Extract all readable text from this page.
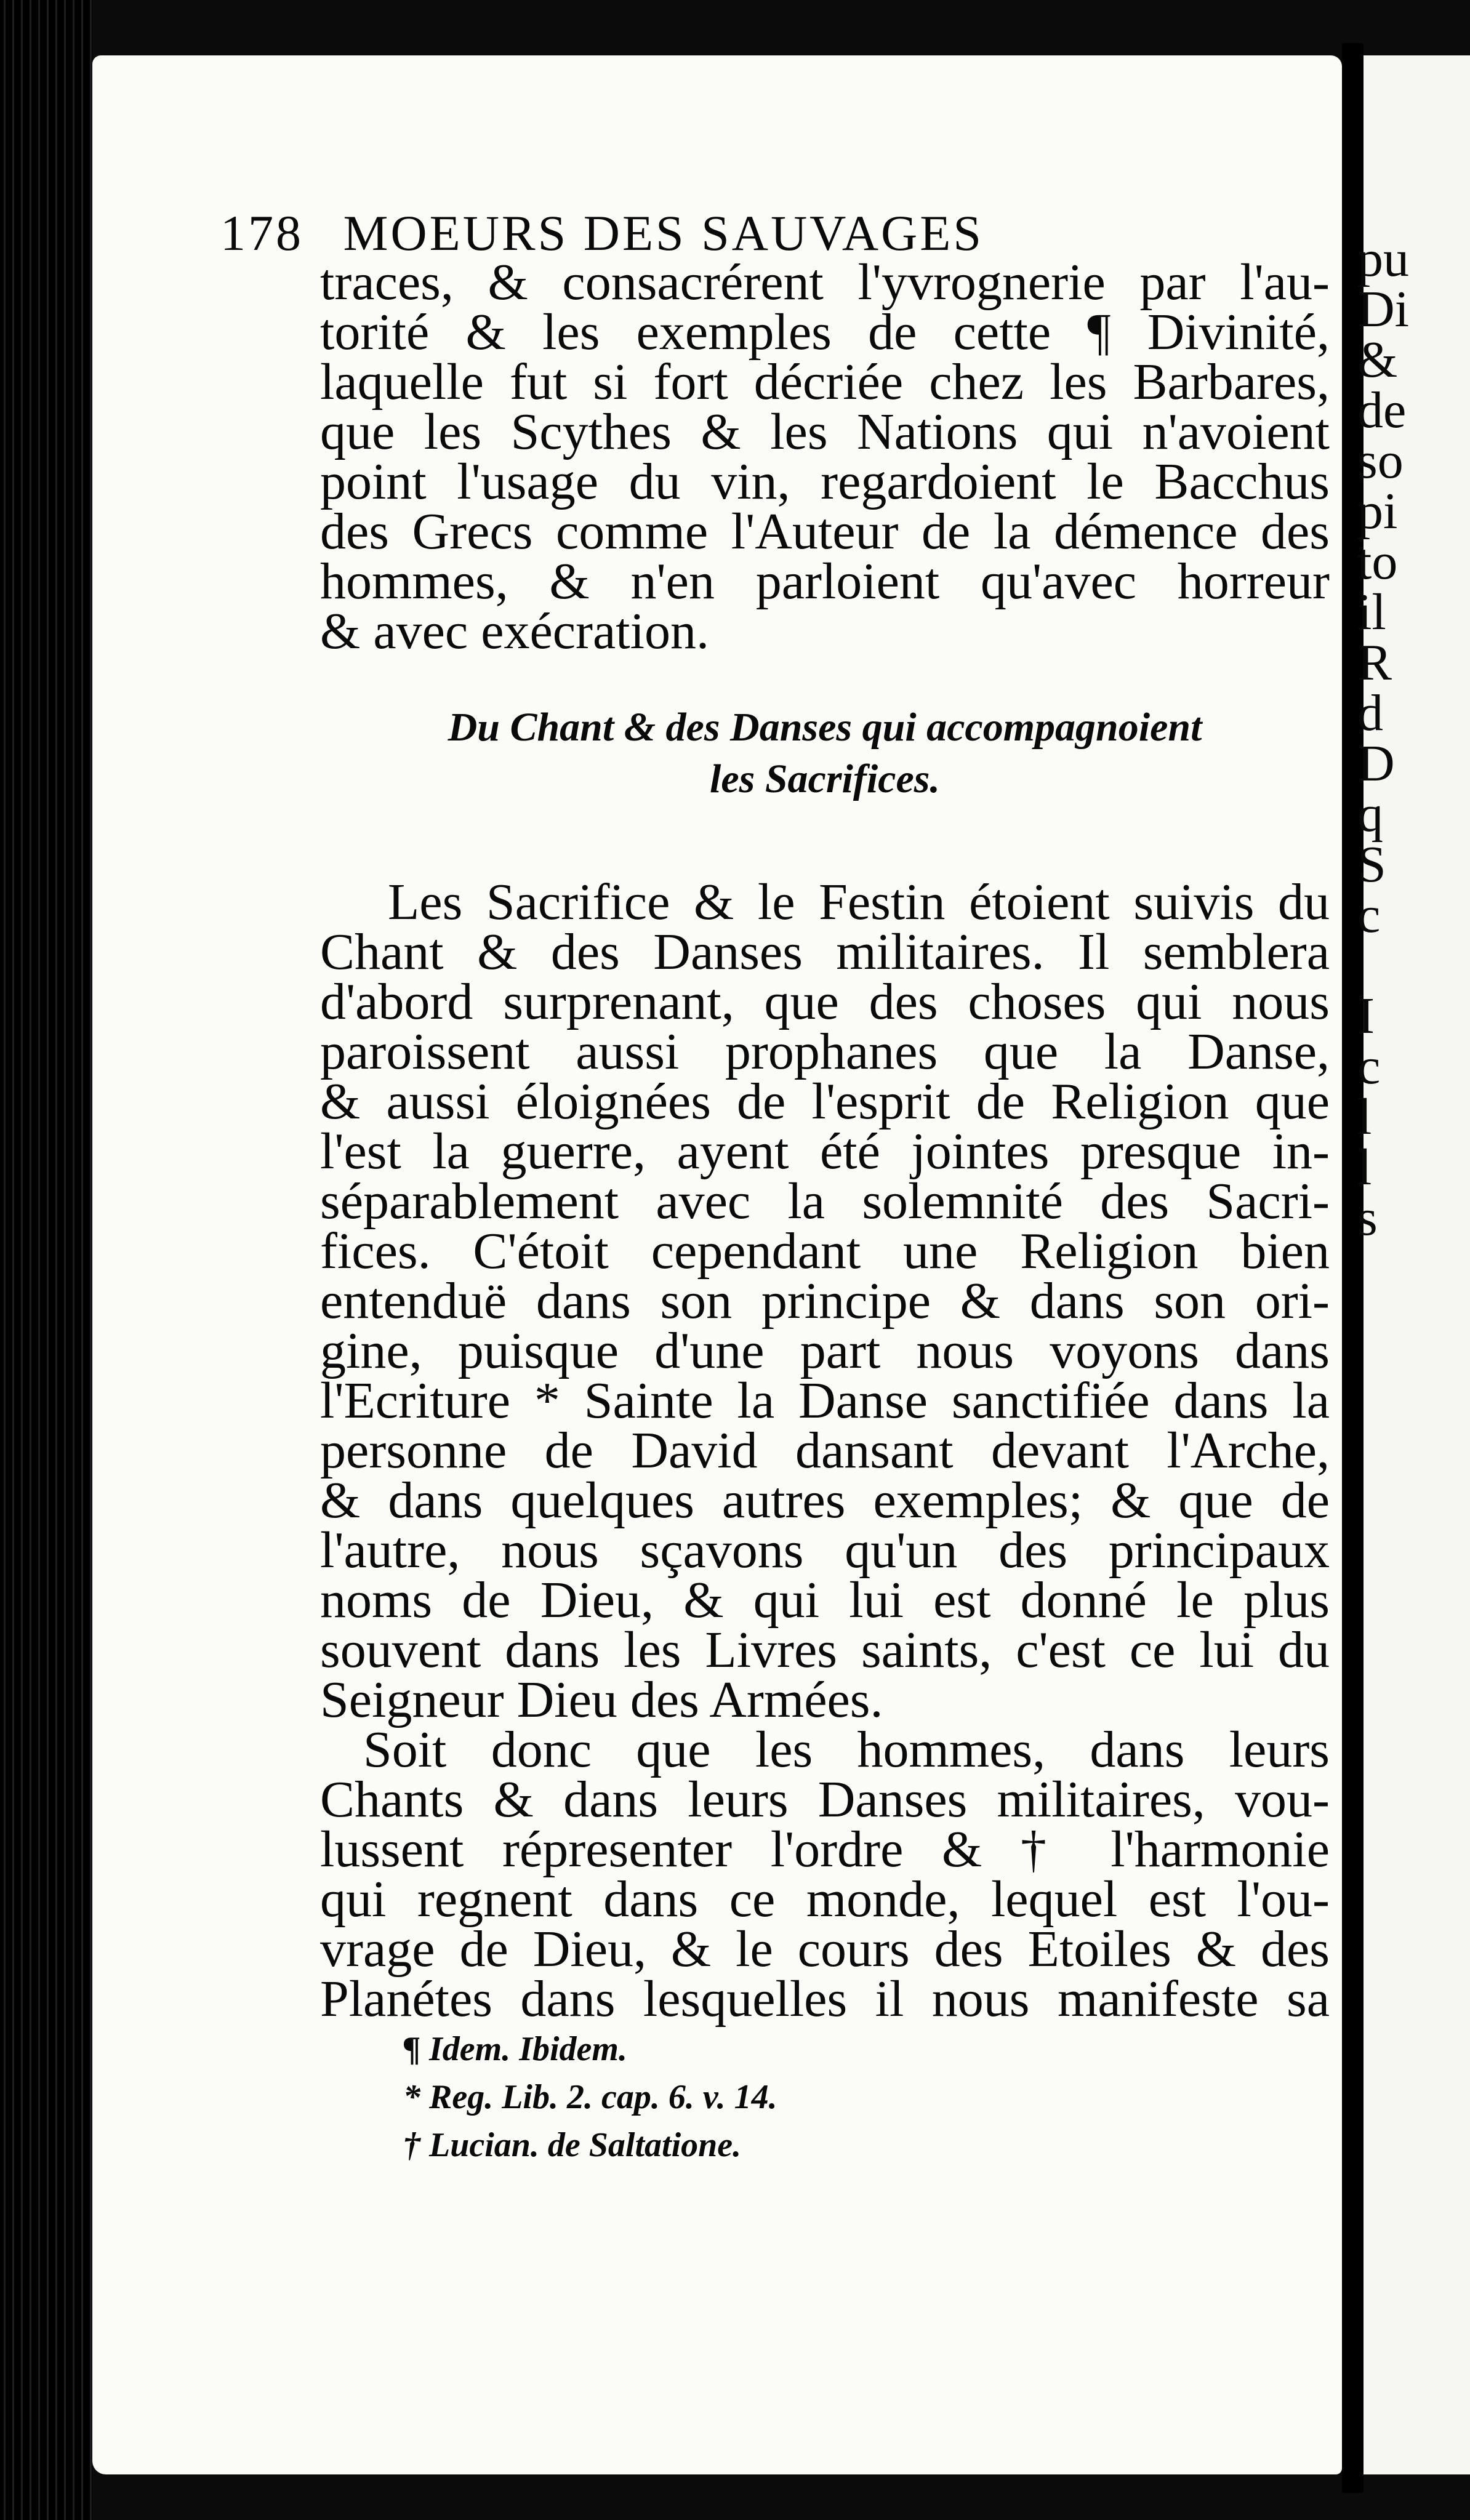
178 MOEURS DES SAUVAGES
traces, & consacrérent l'yvrognerie par l'au-
torité & les exemples de cette ¶ Divinité,
laquelle fut si fort décriée chez les Barbares,
que les Scythes & les Nations qui n'avoient
point l'usage du vin, regardoient le Bacchus
des Grecs comme l'Auteur de la démence des
hommes, & n'en parloient qu'avec horreur
& avec exécration.
Du Chant & des Danses qui accompagnoient
les Sacrifices.
Les Sacrifice & le Festin étoient suivis du
Chant & des Danses militaires. Il semblera
d'abord surprenant, que des choses qui nous
paroissent aussi prophanes que la Danse,
& aussi éloignées de l'esprit de Religion que
l'est la guerre, ayent été jointes presque in-
séparablement avec la solemnité des Sacri-
fices. C'étoit cependant une Religion bien
entenduë dans son principe & dans son ori-
gine, puisque d'une part nous voyons dans
l'Ecriture * Sainte la Danse sanctifiée dans la
personne de David dansant devant l'Arche,
& dans quelques autres exemples; & que de
l'autre, nous sçavons qu'un des principaux
noms de Dieu, & qui lui est donné le plus
souvent dans les Livres saints, c'est ce lui du
Seigneur Dieu des Armées.
Soit donc que les hommes, dans leurs
Chants & dans leurs Danses militaires, vou-
lussent répresenter l'ordre & † l'harmonie
qui regnent dans ce monde, lequel est l'ou-
vrage de Dieu, & le cours des Etoiles & des
Planétes dans lesquelles il nous manifeste sa
¶ Idem. Ibidem.
* Reg. Lib. 2. cap. 6. v. 14.
† Lucian. de Saltatione.
pu
Di
&
de
so
pi
to
il
R
d
D
q
S
c

I
c
l
l
s
